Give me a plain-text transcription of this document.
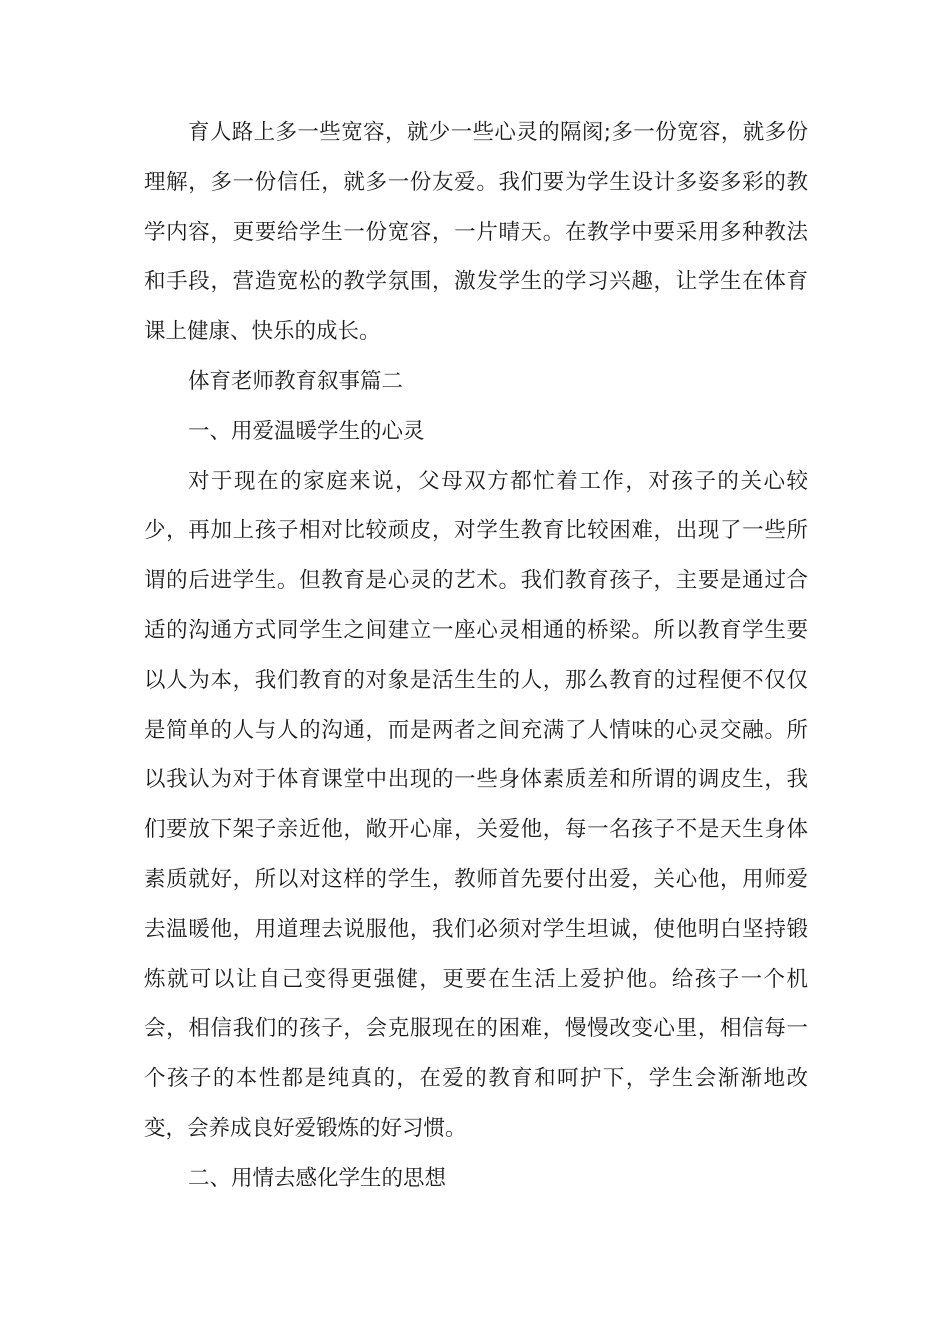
育人路上多一些宽容，就少一些心灵的隔阂;多一份宽容，就多份理解，多一份信任，就多一份友爱。我们要为学生设计多姿多彩的教学内容，更要给学生一份宽容，一片晴天。在教学中要采用多种教法和手段，营造宽松的教学氛围，激发学生的学习兴趣，让学生在体育课上健康、快乐的成长。

体育老师教育叙事篇二

一、用爱温暖学生的心灵

对于现在的家庭来说，父母双方都忙着工作，对孩子的关心较少，再加上孩子相对比较顽皮，对学生教育比较困难，出现了一些所谓的后进学生。但教育是心灵的艺术。我们教育孩子，主要是通过合适的沟通方式同学生之间建立一座心灵相通的桥梁。所以教育学生要以人为本，我们教育的对象是活生生的人，那么教育的过程便不仅仅是简单的人与人的沟通，而是两者之间充满了人情味的心灵交融。所以我认为对于体育课堂中出现的一些身体素质差和所谓的调皮生，我们要放下架子亲近他，敞开心扉，关爱他，每一名孩子不是天生身体素质就好，所以对这样的学生，教师首先要付出爱，关心他，用师爱去温暖他，用道理去说服他，我们必须对学生坦诚，使他明白坚持锻炼就可以让自己变得更强健，更要在生活上爱护他。给孩子一个机会，相信我们的孩子，会克服现在的困难，慢慢改变心里，相信每一个孩子的本性都是纯真的，在爱的教育和呵护下，学生会渐渐地改变，会养成良好爱锻炼的好习惯。

二、用情去感化学生的思想
